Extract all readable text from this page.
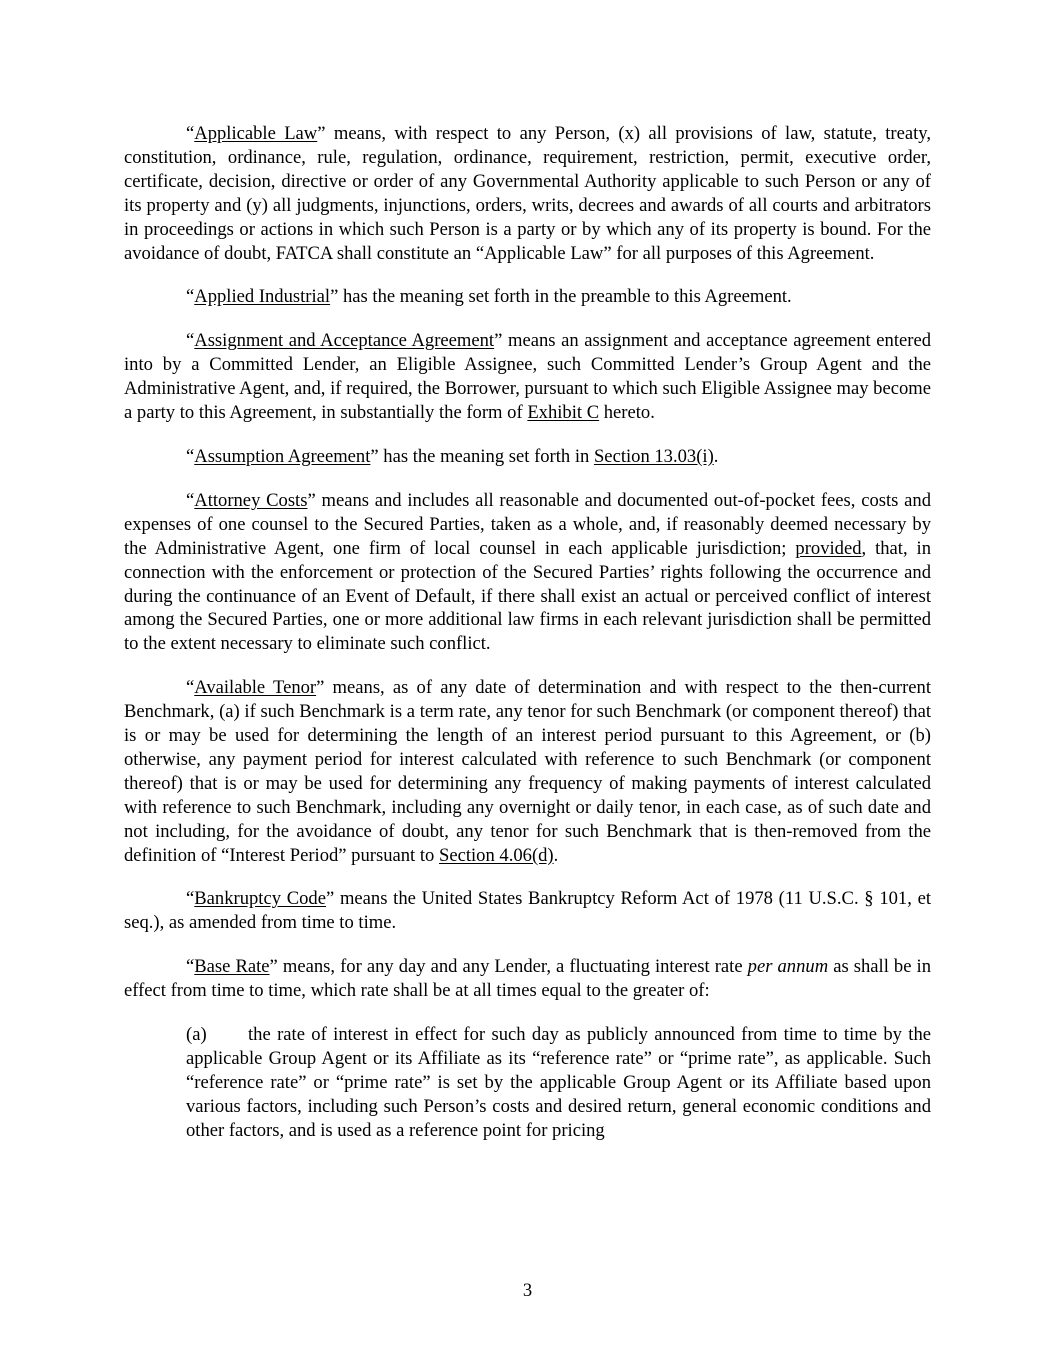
“Applicable Law” means, with respect to any Person, (x) all provisions of law, statute, treaty, constitution, ordinance, rule, regulation, ordinance, requirement, restriction, permit, executive order, certificate, decision, directive or order of any Governmental Authority applicable to such Person or any of its property and (y) all judgments, injunctions, orders, writs, decrees and awards of all courts and arbitrators in proceedings or actions in which such Person is a party or by which any of its property is bound. For the avoidance of doubt, FATCA shall constitute an “Applicable Law” for all purposes of this Agreement.

“Applied Industrial” has the meaning set forth in the preamble to this Agreement.

“Assignment and Acceptance Agreement” means an assignment and acceptance agreement entered into by a Committed Lender, an Eligible Assignee, such Committed Lender’s Group Agent and the Administrative Agent, and, if required, the Borrower, pursuant to which such Eligible Assignee may become a party to this Agreement, in substantially the form of Exhibit C hereto.

“Assumption Agreement” has the meaning set forth in Section 13.03(i).

“Attorney Costs” means and includes all reasonable and documented out-of-pocket fees, costs and expenses of one counsel to the Secured Parties, taken as a whole, and, if reasonably deemed necessary by the Administrative Agent, one firm of local counsel in each applicable jurisdiction; provided, that, in connection with the enforcement or protection of the Secured Parties’ rights following the occurrence and during the continuance of an Event of Default, if there shall exist an actual or perceived conflict of interest among the Secured Parties, one or more additional law firms in each relevant jurisdiction shall be permitted to the extent necessary to eliminate such conflict.

“Available Tenor” means, as of any date of determination and with respect to the then-current Benchmark, (a) if such Benchmark is a term rate, any tenor for such Benchmark (or component thereof) that is or may be used for determining the length of an interest period pursuant to this Agreement, or (b) otherwise, any payment period for interest calculated with reference to such Benchmark (or component thereof) that is or may be used for determining any frequency of making payments of interest calculated with reference to such Benchmark, including any overnight or daily tenor, in each case, as of such date and not including, for the avoidance of doubt, any tenor for such Benchmark that is then-removed from the definition of “Interest Period” pursuant to Section 4.06(d).

“Bankruptcy Code” means the United States Bankruptcy Reform Act of 1978 (11 U.S.C. § 101, et seq.), as amended from time to time.

“Base Rate” means, for any day and any Lender, a fluctuating interest rate per annum as shall be in effect from time to time, which rate shall be at all times equal to the greater of:

(a) the rate of interest in effect for such day as publicly announced from time to time by the applicable Group Agent or its Affiliate as its “reference rate” or “prime rate”, as applicable. Such “reference rate” or “prime rate” is set by the applicable Group Agent or its Affiliate based upon various factors, including such Person’s costs and desired return, general economic conditions and other factors, and is used as a reference point for pricing

3
